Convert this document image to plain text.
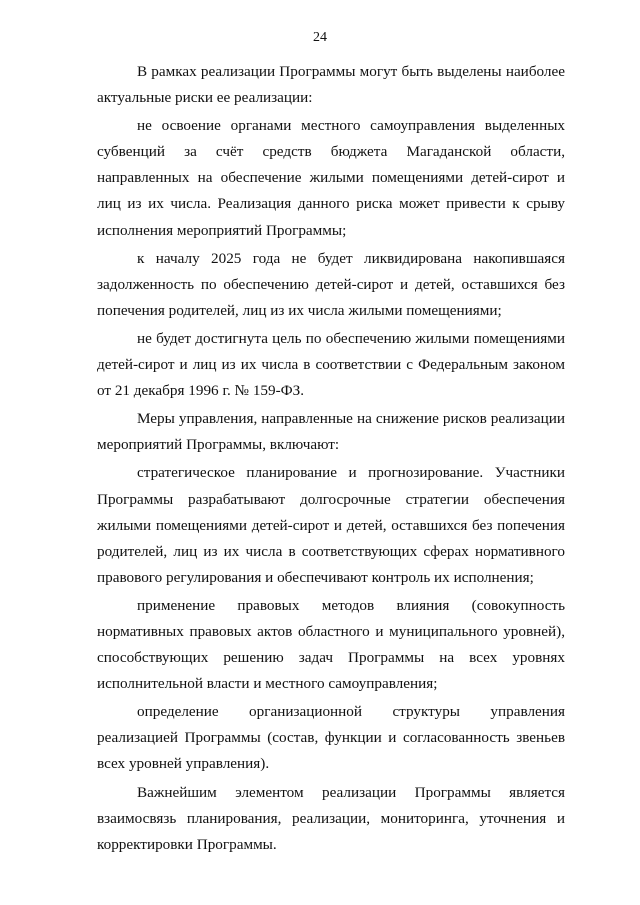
24

В рамках реализации Программы могут быть выделены наиболее актуальные риски ее реализации:

не освоение органами местного самоуправления выделенных субвенций за счёт средств бюджета Магаданской области, направленных на обеспечение жилыми помещениями детей-сирот и лиц из их числа. Реализация данного риска может привести к срыву исполнения мероприятий Программы;

к началу 2025 года не будет ликвидирована накопившаяся задолженность по обеспечению детей-сирот и детей, оставшихся без попечения родителей, лиц из их числа жилыми помещениями;

не будет достигнута цель по обеспечению жилыми помещениями детей-сирот и лиц из их числа в соответствии с Федеральным законом от 21 декабря 1996 г. № 159-ФЗ.

Меры управления, направленные на снижение рисков реализации мероприятий Программы, включают:

стратегическое планирование и прогнозирование. Участники Программы разрабатывают долгосрочные стратегии обеспечения жилыми помещениями детей-сирот и детей, оставшихся без попечения родителей, лиц из их числа в соответствующих сферах нормативного правового регулирования и обеспечивают контроль их исполнения;

применение правовых методов влияния (совокупность нормативных правовых актов областного и муниципального уровней), способствующих решению задач Программы на всех уровнях исполнительной власти и местного самоуправления;

определение организационной структуры управления реализацией Программы (состав, функции и согласованность звеньев всех уровней управления).

Важнейшим элементом реализации Программы является взаимосвязь планирования, реализации, мониторинга, уточнения и корректировки Программы.
